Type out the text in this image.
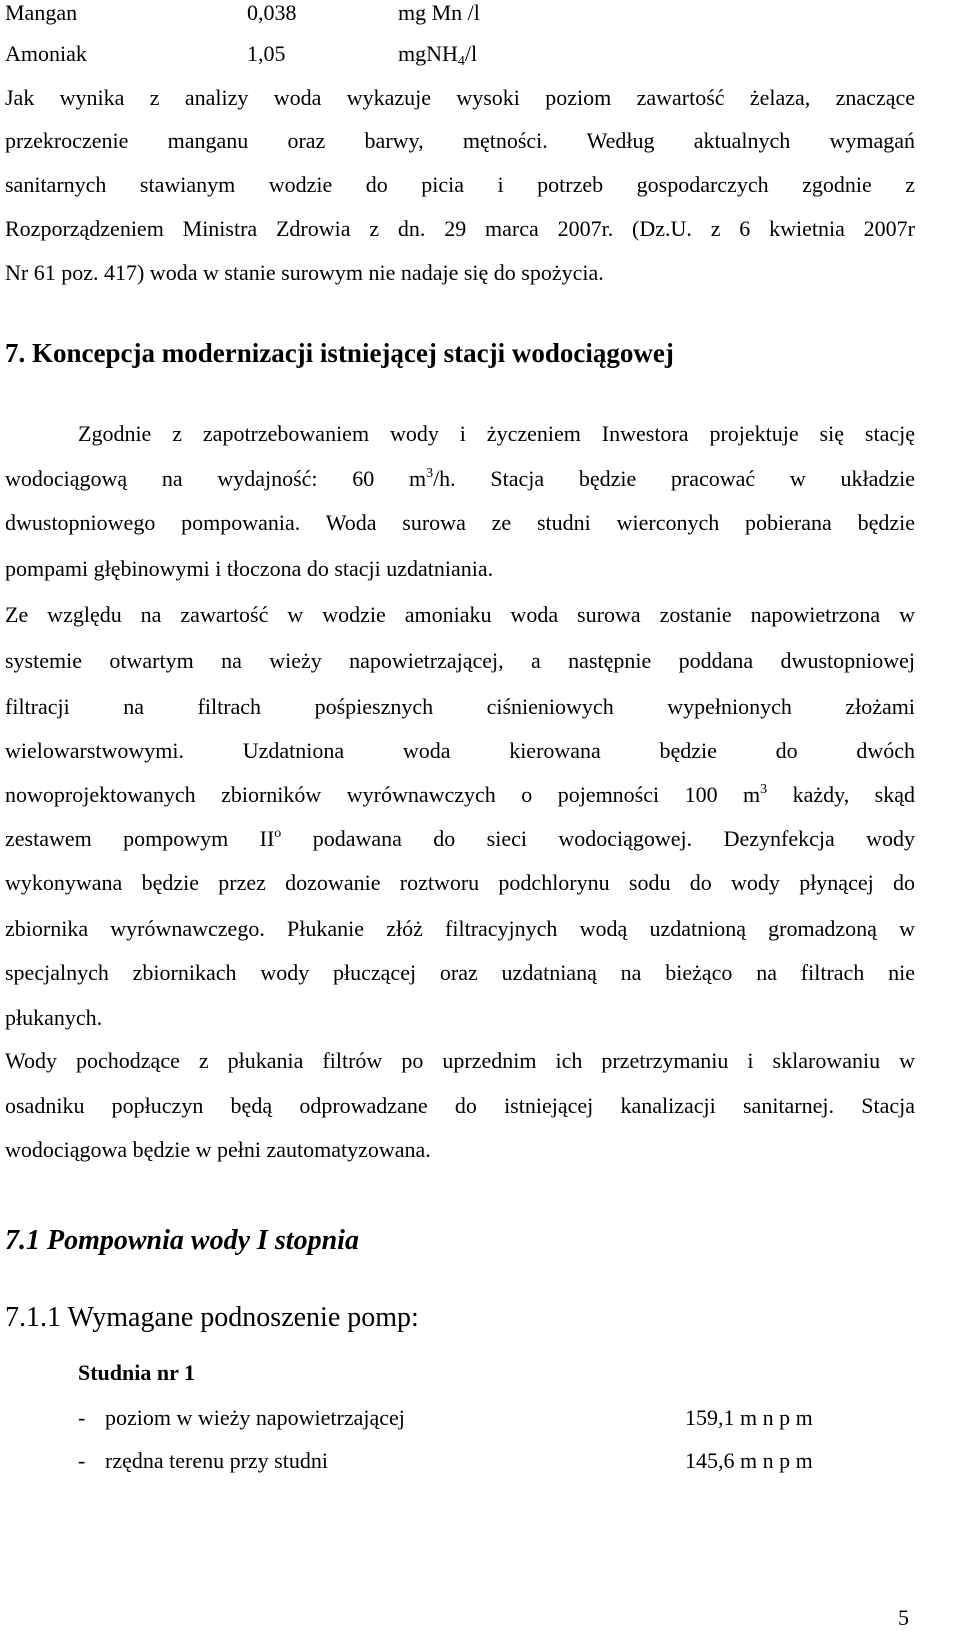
Mangan	0,038	mg Mn /l
Amoniak	1,05	mgNH$_4$/l
Jak wynika z analizy woda wykazuje wysoki poziom zawartość żelaza, znaczące
przekroczenie manganu oraz barwy, mętności. Według aktualnych wymagań
sanitarnych stawianym wodzie do picia i potrzeb gospodarczych zgodnie z
Rozporządzeniem Ministra Zdrowia z dn. 29 marca 2007r. (Dz.U. z 6 kwietnia 2007r
Nr 61 poz. 417) woda w stanie surowym nie nadaje się do spożycia.
7. Koncepcja modernizacji istniejącej stacji wodociągowej
Zgodnie z zapotrzebowaniem wody i życzeniem Inwestora projektuje się stację
wodociągową na wydajność: 60 $m^3/h$. Stacja będzie pracować w układzie
dwustopniowego pompowania. Woda surowa ze studni wierconych pobierana będzie
pompami głębinowymi i tłoczona do stacji uzdatniania.
Ze względu na zawartość w wodzie amoniaku woda surowa zostanie napowietrzona w
systemie otwartym na wieży napowietrzającej, a następnie poddana dwustopniowej
filtracji na filtrach pośpiesznych ciśnieniowych wypełnionych złożami
wielowarstwowymi. Uzdatniona woda kierowana będzie do dwóch
nowoprojektowanych zbiorników wyrównawczych o pojemności 100 $m^3$ każdy, skąd
zestawem pompowym $II^o$ podawana do sieci wodociągowej. Dezynfekcja wody
wykonywana będzie przez dozowanie roztworu podchlorynu sodu do wody płynącej do
zbiornika wyrównawczego. Płukanie złóż filtracyjnych wodą uzdatnioną gromadzoną w
specjalnych zbiornikach wody płuczącej oraz uzdatnianą na bieżąco na filtrach nie
płukanych.
Wody pochodzące z płukania filtrów po uprzednim ich przetrzymaniu i sklarowaniu w
osadniku popłuczyn będą odprowadzane do istniejącej kanalizacji sanitarnej. Stacja
wodociągowa będzie w pełni zautomatyzowana.
7.1 Pompownia wody I stopnia
7.1.1 Wymagane podnoszenie pomp:
Studnia nr 1
- poziom w wieży napowietrzającej	159,1 m n p m
- rzędna terenu przy studni	145,6 m n p m
5
